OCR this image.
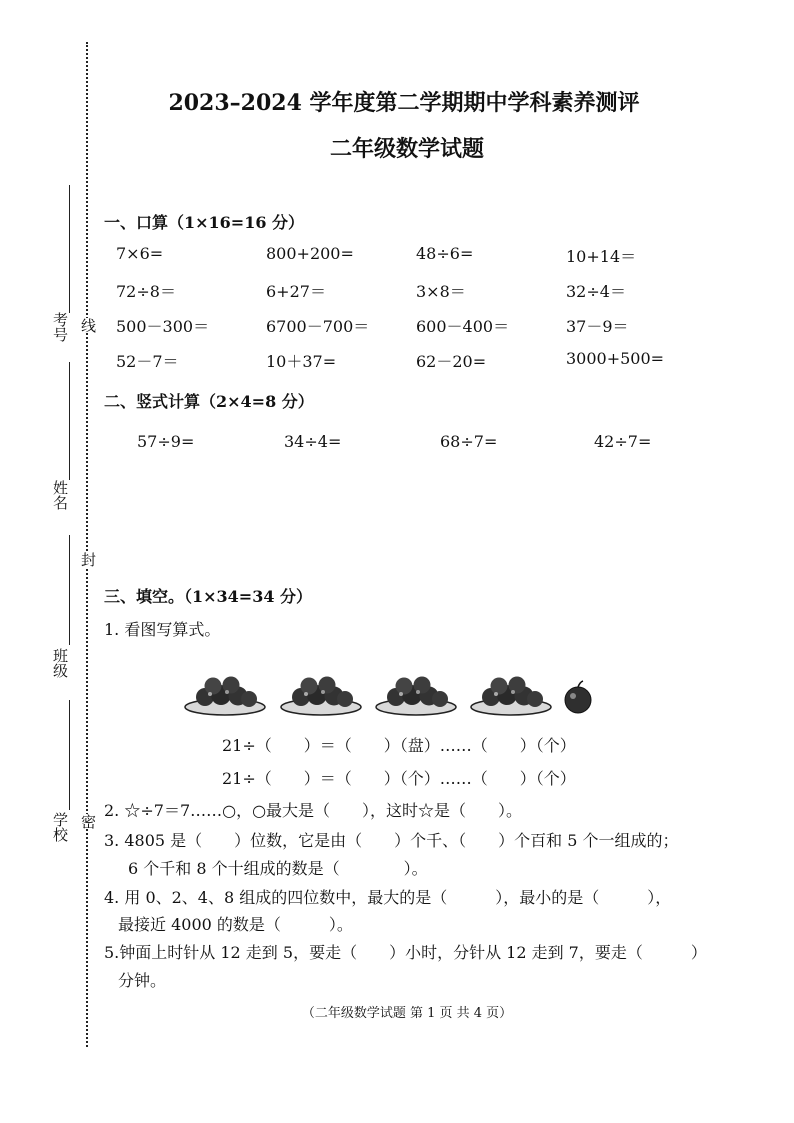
考号
姓名
班级
学校
线
封
密
2023–2024 学年度第二学期期中学科素养测评
二年级数学试题
一、口算（1×16=16 分）
7×6=	800+200=	48÷6=	10+14＝
72÷8＝	6+27＝	3×8＝	32÷4＝
500－300＝	6700－700＝	600－400＝	37－9＝
52－7＝	10＋37=	62－20=	3000+500=
二、竖式计算（2×4=8 分）
57÷9=	34÷4=	68÷7=	42÷7=
三、填空。（1×34=34 分）
1. 看图写算式。
21÷（　　）＝（　　）（盘）……（　　）（个）
21÷（　　）＝（　　）（个）……（　　）（个）
2. ☆÷7＝7……○，○最大是（　　），这时☆是（　　）。
3. 4805 是（　　）位数，它是由（　　）个千、（　　）个百和 5 个一组成的；
6 个千和 8 个十组成的数是（　　　　）。
4. 用 0、2、4、8 组成的四位数中，最大的是（　　　），最小的是（　　　），
最接近 4000 的数是（　　　）。
5.钟面上时针从 12 走到 5，要走（　　）小时，分针从 12 走到 7，要走（　　　）
分钟。
（二年级数学试题 第 1 页 共 4 页）
